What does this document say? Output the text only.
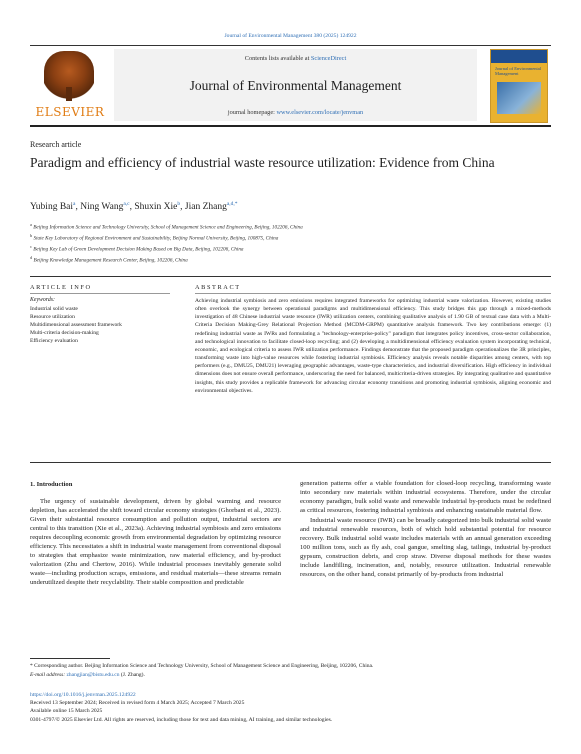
Journal of Environmental Management 380 (2025) 124922
ELSEVIER
Contents lists available at ScienceDirect
Journal of Environmental Management
journal homepage: www.elsevier.com/locate/jenvman
Journal of Environmental Management
Research article
Paradigm and efficiency of industrial waste resource utilization: Evidence from China
Yubing Bai$^a$, Ning Wang$^{a,c}$, Shuxin Xie$^b$, Jian Zhang$^{a,d,*}$
$^a$ Beijing Information Science and Technology University, School of Management Science and Engineering, Beijing, 102206, China
$^b$ State Key Laboratory of Regional Environment and Sustainability, Beijing Normal University, Beijing, 100875, China
$^c$ Beijing Key Lab of Green Development Decision Making Based on Big Data, Beijing, 102206, China
$^d$ Beijing Knowledge Management Research Center, Beijing, 102206, China
ARTICLE INFO
Keywords:
Industrial solid waste
Resource utilization
Multidimensional assessment framework
Multi-criteria decision-making
Efficiency evaluation
ABSTRACT
Achieving industrial symbiosis and zero emissions requires integrated frameworks for optimizing industrial waste valorization. However, existing studies often overlook the synergy between operational paradigms and multidimensional efficiency. This study bridges this gap through a mixed-methods investigation of 48 Chinese industrial waste resource (IWR) utilization centers, combining qualitative analysis of 1.90 GB of textual case data with a Multi-Criteria Decision Making-Grey Relational Projection Method (MCDM-GRPM) quantitative analysis framework. Two key contributions emerge: (1) redefining industrial waste as IWRs and formulating a "technology-enterprise-policy" paradigm that integrates policy incentives, cross-sector collaboration, and technological innovation to facilitate closed-loop recycling; and (2) developing a multidimensional efficiency evaluation system incorporating technical, economic, and ecological criteria to assess IWR utilization performance. Findings demonstrate that the proposed paradigm operationalizes the 3R principles, transforming waste into high-value resources while fostering industrial symbiosis. Efficiency analysis reveals notable disparities among centers, with top performers (e.g., DMU25, DMU21) leveraging geographic advantages, waste-type characteristics, and industrial diversification. High efficiency in individual dimensions does not ensure overall performance, underscoring the need for balanced, multicriteria-driven strategies. By integrating qualitative and quantitative insights, this study provides a replicable framework for advancing circular economy transitions and promoting industrial symbiosis, aligning economic and environmental objectives.
1. Introduction

The urgency of sustainable development, driven by global warming and resource depletion, has accelerated the shift toward circular economy strategies (Ghorbani et al., 2023). Given their substantial resource consumption and pollution output, industrial sectors are central to this transition (Xie et al., 2023a). Achieving industrial symbiosis and zero emissions requires decoupling economic growth from environmental degradation by optimizing resource efficiency. This necessitates a shift in industrial waste management from conventional disposal to strategies that emphasize waste minimization, raw material efficiency, and by-product valorization (Zhu and Chertow, 2016). While industrial processes inevitably generate solid waste—including production scraps, emissions, and residual materials—these streams remain underutilized despite their recyclability. Their stable composition and predictable

generation patterns offer a viable foundation for closed-loop recycling, transforming waste into secondary raw materials within industrial ecosystems. Therefore, under the circular economy paradigm, bulk solid waste and renewable industrial by-products must be redefined as critical resources, fostering industrial symbiosis and enhancing sustainable material flow.

Industrial waste resource (IWR) can be broadly categorized into bulk industrial solid waste and industrial renewable resources, both of which hold substantial potential for resource recovery. Bulk industrial solid waste includes materials with an annual generation exceeding 100 million tons, such as fly ash, coal gangue, smelting slag, tailings, industrial by-product gypsum, construction debris, and crop straw. Diverse disposal methods for these wastes include landfilling, incineration, and, notably, resource utilization. Industrial renewable resources, on the other hand, consist primarily of by-products from industrial

* Corresponding author. Beijing Information Science and Technology University, School of Management Science and Engineering, Beijing, 102206, China.
E-mail address: zhangjian@bistu.edu.cn (J. Zhang).
https://doi.org/10.1016/j.jenvman.2025.124922
Received 13 September 2024; Received in revised form 4 March 2025; Accepted 7 March 2025
Available online 15 March 2025
0301-4797/© 2025 Elsevier Ltd. All rights are reserved, including those for text and data mining, AI training, and similar technologies.
